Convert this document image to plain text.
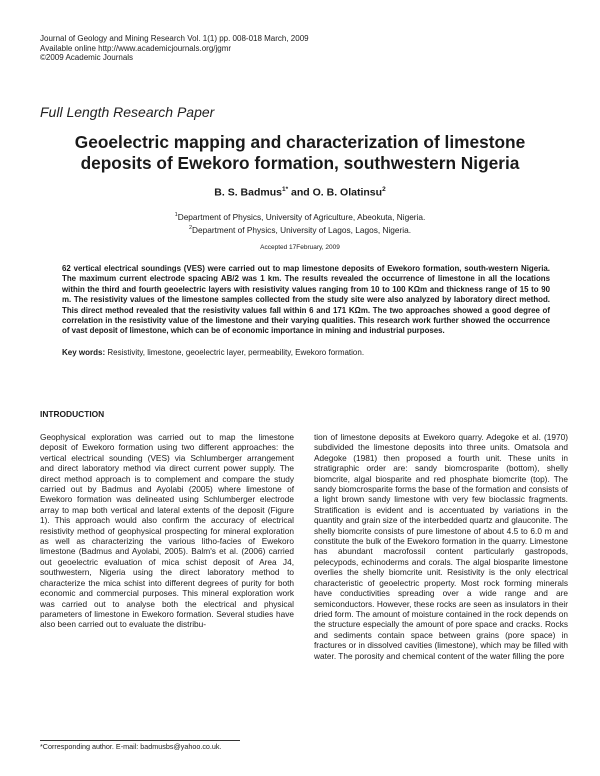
Journal of Geology and Mining Research Vol. 1(1) pp. 008-018 March, 2009
Available online http://www.academicjournals.org/jgmr
©2009 Academic Journals
Full Length Research Paper
Geoelectric mapping and characterization of limestone
deposits of Ewekoro formation, southwestern Nigeria
B. S. Badmus$^{1*}$ and O. B. Olatinsu$^2$
$^1$Department of Physics, University of Agriculture, Abeokuta, Nigeria.
$^2$Department of Physics, University of Lagos, Lagos, Nigeria.
Accepted 17February, 2009
62 vertical electrical soundings (VES) were carried out to map limestone deposits of Ewekoro formation, south-western Nigeria. The maximum current electrode spacing AB/2 was 1 km. The results revealed the occurrence of limestone in all the locations within the third and fourth geoelectric layers with resistivity values ranging from 10 to 100 KΩm and thickness range of 15 to 90 m. The resistivity values of the limestone samples collected from the study site were also analyzed by laboratory direct method. This direct method revealed that the resistivity values fall within 6 and 171 KΩm. The two approaches showed a good degree of correlation in the resistivity value of the limestone and their varying qualities. This research work further showed the occurrence of vast deposit of limestone, which can be of economic importance in mining and industrial purposes.
Key words: Resistivity, limestone, geoelectric layer, permeability, Ewekoro formation.
INTRODUCTION
Geophysical exploration was carried out to map the limestone deposit of Ewekoro formation using two different approaches: the vertical electrical sounding (VES) via Schlumberger arrangement and direct laboratory method via direct current power supply. The direct method approach is to complement and compare the study carried out by Badmus and Ayolabi (2005) where limestone of Ewekoro formation was delineated using Schlumberger electrode array to map both vertical and lateral extents of the deposit (Figure 1). This approach would also confirm the accuracy of electrical resistivity method of geophysical prospecting for mineral exploration as well as characterizing the various litho-facies of Ewekoro limestone (Badmus and Ayolabi, 2005). Balm's et al. (2006) carried out geoelectric evaluation of mica schist deposit of Area J4, southwestern, Nigeria using the direct laboratory method to characterize the mica schist into different degrees of purity for both economic and commercial purposes. This mineral exploration work was carried out to analyse both the electrical and physical parameters of limestone in Ewekoro formation. Several studies have also been carried out to evaluate the distribu-
tion of limestone deposits at Ewekoro quarry. Adegoke et al. (1970) subdivided the limestone deposits into three units. Omatsola and Adegoke (1981) then proposed a fourth unit. These units in stratigraphic order are: sandy biomcrosparite (bottom), shelly biomcrite, algal biosparite and red phosphate biomcrite (top). The sandy biomcrosparite forms the base of the formation and consists of a light brown sandy limestone with very few bioclassic fragments. Stratification is evident and is accentuated by variations in the quantity and grain size of the interbedded quartz and glauconite. The shelly biomcrite consists of pure limestone of about 4.5 to 6.0 m and constitute the bulk of the Ewekoro formation in the quarry. Limestone has abundant macrofossil content particularly gastropods, pelecypods, echinoderms and corals. The algal biosparite limestone overlies the shelly biomcrite unit. Resistivity is the only electrical characteristic of geoelectric property. Most rock forming minerals have conductivities spreading over a wide range and are semiconductors. However, these rocks are seen as insulators in their dried form. The amount of moisture contained in the rock depends on the structure especially the amount of pore space and cracks. Rocks and sediments contain space between grains (pore space) in fractures or in dissolved cavities (limestone), which may be filled with water. The porosity and chemical content of the water filling the pore
*Corresponding author. E-mail: badmusbs@yahoo.co.uk.
